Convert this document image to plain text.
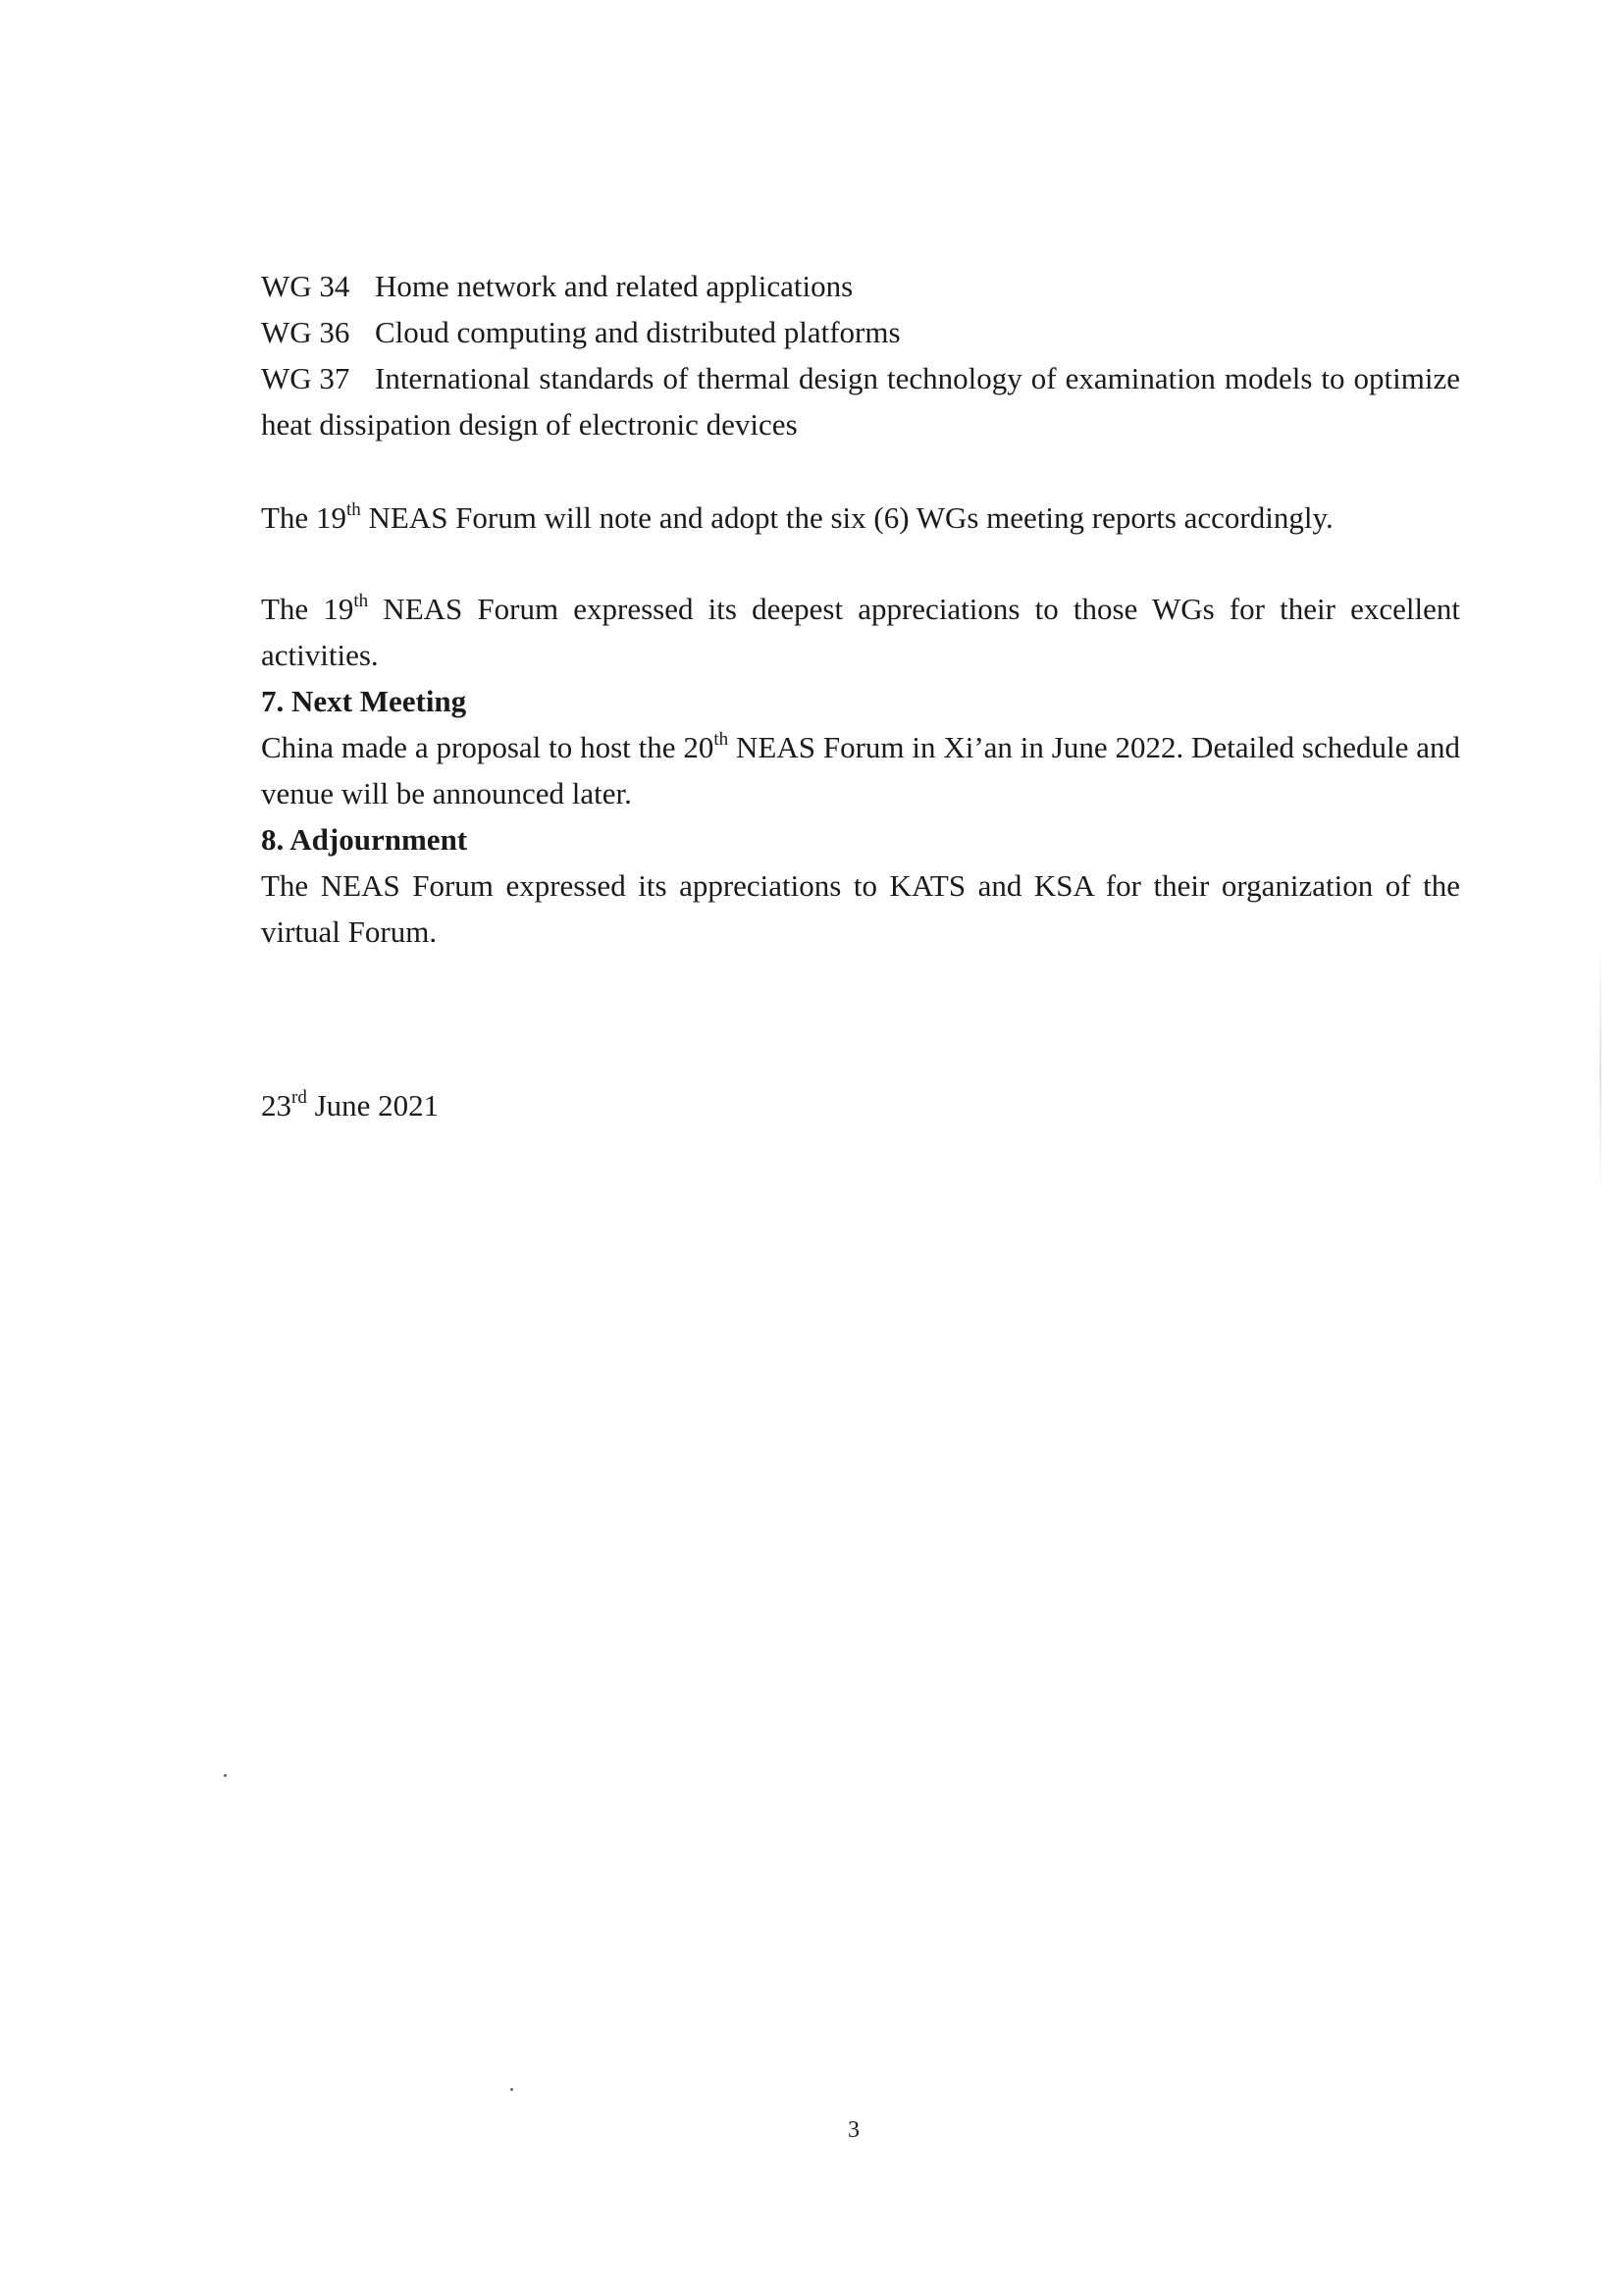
WG 34 Home network and related applications

WG 36 Cloud computing and distributed platforms

WG 37 International standards of thermal design technology of examination models to optimize heat dissipation design of electronic devices

The 19th NEAS Forum will note and adopt the six (6) WGs meeting reports accordingly.

The 19th NEAS Forum expressed its deepest appreciations to those WGs for their excellent activities.

7. Next Meeting

China made a proposal to host the 20th NEAS Forum in Xi’an in June 2022. Detailed schedule and venue will be announced later.

8. Adjournment

The NEAS Forum expressed its appreciations to KATS and KSA for their organization of the virtual Forum.

23rd June 2021

3
